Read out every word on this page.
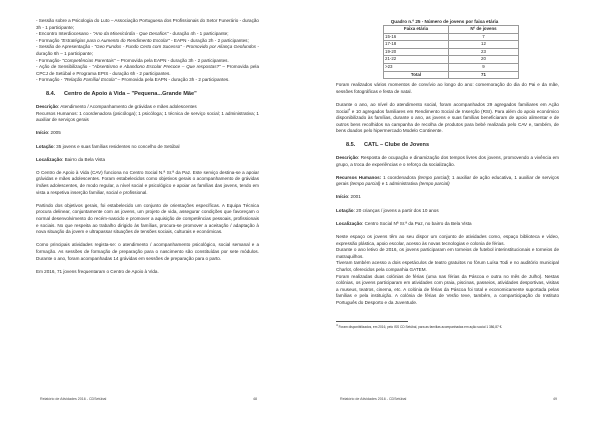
- Sessão sobre a Psicologia do Luto – Associação Portuguesa dos Profissionais do Setor Funerário - duração 3h - 1 participante;

- Encontro Interdiocesano - "Ano da Misericórdia - Que Desafios" - duração 4h - 1 participante;

- Formação "Estratégias para o Aumento do Rendimento Escolar" - EAPN - duração 2h - 2 participantes;

- Sessão de Apresentação - "Geo Fundos - Fundo Certo com Sucesso" - Promovido por Aliança Geofundos - duração 6h – 1 participante;

- Formação- "Competências Parentais" – Promovida pela EAPN - duração 3h - 2 participantes.

- Ação de Sensibilização - "Absentismo e Abandono Escolar Precoce – Que respostas?" – Promovida pela CPCJ de Setúbal e Programa EPIS - duração 6h - 2 participantes.

- Formação - "Relação Família/ Escola" – Promovida pela EAPN - duração 3h - 2 participantes.

8.4. Centro de Apoio à Vida – "Pequena...Grande Mãe"

Descrição: Atendimento / Acompanhamento de grávidas e mães adolescentes

Recursos Humanos: 1 coordenadora (psicóloga); 1 psicóloga; 1 técnica de serviço social; 1 administrativa; 1 auxiliar de serviços gerais

Início: 2005

Lotação: 35 jovens e suas famílias residentes no concelho de Setúbal

Localização: Bairro da Bela Vista

O Centro de Apoio à Vida (CAV) funciona no Centro Social N.ª Sr.ª da Paz. Este serviço destina-se a apoiar grávidas e mães adolescentes. Foram estabelecidos como objetivos gerais o acompanhamento de grávidas /mães adolescentes, de modo regular, a nível social e psicológico e apoiar as famílias das jovens, tendo em vista a respetiva inserção familiar, social e profissional.

Partindo dos objetivos gerais, foi estabelecido um conjunto de orientações específicas. A Equipa Técnica procura delinear, conjuntamente com as jovens, um projeto de vida, assegurar condições que favoreçam o normal desenvolvimento do recém-nascido e promover a aquisição de competências pessoais, profissionais e sociais. No que respeita ao trabalho dirigido às famílias, procura-se promover a aceitação / adaptação à nova situação da jovem e ultrapassar situações de tensões sociais, culturais e económicas.

Como principais atividades regista-se: o atendimento / acompanhamento psicológico, social semanal e a formação. As sessões de formação de preparação para o nascimento são constituídas por sete módulos. Durante o ano, foram acompanhadas 14 grávidas em sessões de preparação para o parto.

Em 2016, 71 jovens frequentaram o Centro de Apoio à Vida.

Relatório de Atividades 2016 - CDSetúbal	48
Quadro n.º 25 - Número de jovens por faixa etária
Faixa etária	Nº de jovens
15-16	7
17-18	12
19-20	23
21-22	20
>23	9
Total	71

Foram realizados vários momentos de convívio ao longo do ano: comemoração do dia do Pai e da mãe, sessões fotográficas e festa de natal.

Durante o ano, ao nível do atendimento social, foram acompanhados 29 agregados familiares em Ação Social$^4$ e 10 agregados familiares em Rendimento Social de Inserção (RSI). Para além do apoio económico disponibilizado às famílias, durante o ano, as jovens e suas famílias beneficiaram de apoio alimentar e de outros bens recolhidos na campanha de recolha de produtos para bebé realizada pelo CAV e, também, de bens doados pelo hipermercado Modelo Continente.

8.5. CATL – Clube de Jovens

Descrição: Resposta de ocupação e dinamização dos tempos livres dos jovens, promovendo a vivência em grupo, a troca de experiências e o reforço da socialização.

Recursos Humanos: 1 coordenadora (tempo parcial); 1 auxiliar de ação educativa, 1 auxiliar de serviços gerais (tempo parcial) e 1 administrativa (tempo parcial)

Início: 2001

Lotação: 20 crianças / jovens a partir dos 10 anos

Localização: Centro Social Nª Sr.ª da Paz, no bairro da Bela Vista

Neste espaço os jovens têm ao seu dispor um conjunto de atividades como, espaço biblioteca e vídeo, expressão plástica, apoio escolar, acesso às novas tecnologias e colonia de férias.

Durante o ano letivo de 2016, os jovens participaram em torneios de futebol interinstitucionais e torneios de matraquilhos.

Tiveram também acesso a dois espetáculos de teatro gratuitos no fórum Luísa Todi e no auditório municipal Charlot, oferecidos pela companhia GATEM.

Foram realizadas duas colónias de férias (uma nas férias da Páscoa e outra no mês de Julho). Nestas colónias, os jovens participaram em atividades com praia, piscinas, passeios, atividades desportivas, visitas a museus, teatros, cinema, etc. A colónia de férias da Páscoa foi total e economicamente suportada pelas famílias e pela instituição. A colónia de férias de Verão teve, também, a comparticipação do Instituto Português do Desporto e da Juventude.

$^4$ Foram disponibilizados, em 2016, pelo ISS CD Setúbal, para as famílias acompanhadas em ação social 1 386,87 €.

Relatório de Atividades 2016 - CDSetúbal	49
